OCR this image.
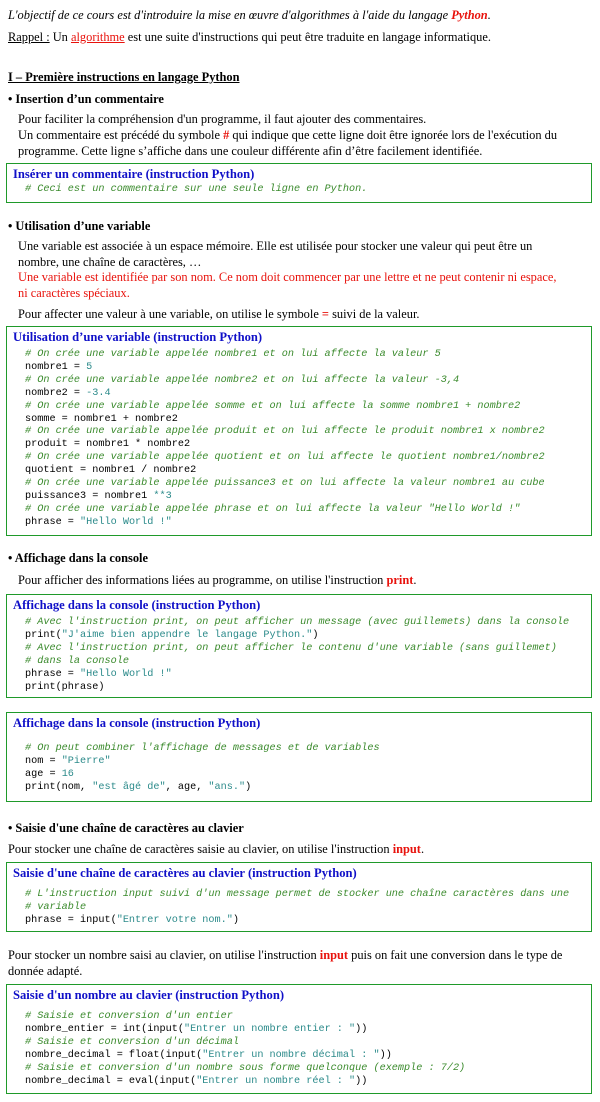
L'objectif de ce cours est d'introduire la mise en œuvre d'algorithmes à l'aide du langage Python.
Rappel : Un algorithme est une suite d'instructions qui peut être traduite en langage informatique.
I – Première instructions en langage Python
• Insertion d’un commentaire
Pour faciliter la compréhension d'un programme, il faut ajouter des commentaires.
Un commentaire est précédé du symbole # qui indique que cette ligne doit être ignorée lors de l'exécution du
programme. Cette ligne s’affiche dans une couleur différente afin d’être facilement identifiée.
Insérer un commentaire (instruction Python)
# Ceci est un commentaire sur une seule ligne en Python.
• Utilisation d’une variable
Une variable est associée à un espace mémoire. Elle est utilisée pour stocker une valeur qui peut être un
nombre, une chaîne de caractères, …
Une variable est identifiée par son nom. Ce nom doit commencer par une lettre et ne peut contenir ni espace,
ni caractères spéciaux.
Pour affecter une valeur à une variable, on utilise le symbole = suivi de la valeur.
Utilisation d’une variable (instruction Python)
# On crée une variable appelée nombre1 et on lui affecte la valeur 5
nombre1 = 5
# On crée une variable appelée nombre2 et on lui affecte la valeur -3,4
nombre2 = -3.4
# On crée une variable appelée somme et on lui affecte la somme nombre1 + nombre2
somme = nombre1 + nombre2
# On crée une variable appelée produit et on lui affecte le produit nombre1 x nombre2
produit = nombre1 * nombre2
# On crée une variable appelée quotient et on lui affecte le quotient nombre1/nombre2
quotient = nombre1 / nombre2
# On crée une variable appelée puissance3 et on lui affecte la valeur nombre1 au cube
puissance3 = nombre1 **3
# On crée une variable appelée phrase et on lui affecte la valeur "Hello World !"
phrase = "Hello World !"
• Affichage dans la console
Pour afficher des informations liées au programme, on utilise l'instruction print.
Affichage dans la console (instruction Python)
# Avec l'instruction print, on peut afficher un message (avec guillemets) dans la console
print("J'aime bien appendre le langage Python.")
# Avec l'instruction print, on peut afficher le contenu d'une variable (sans guillemet)
# dans la console
phrase = "Hello World !"
print(phrase)
Affichage dans la console (instruction Python)
# On peut combiner l'affichage de messages et de variables
nom = "Pierre"
age = 16
print(nom, "est âgé de", age, "ans.")
• Saisie d'une chaîne de caractères au clavier
Pour stocker une chaîne de caractères saisie au clavier, on utilise l'instruction input.
Saisie d'une chaîne de caractères au clavier (instruction Python)
# L'instruction input suivi d'un message permet de stocker une chaîne caractères dans une
# variable
phrase = input("Entrer votre nom.")
Pour stocker un nombre saisi au clavier, on utilise l'instruction input puis on fait une conversion dans le type de
donnée adapté.
Saisie d'un nombre au clavier (instruction Python)
# Saisie et conversion d'un entier
nombre_entier = int(input("Entrer un nombre entier : "))
# Saisie et conversion d'un décimal
nombre_decimal = float(input("Entrer un nombre décimal : "))
# Saisie et conversion d'un nombre sous forme quelconque (exemple : 7/2)
nombre_decimal = eval(input("Entrer un nombre réel : "))
